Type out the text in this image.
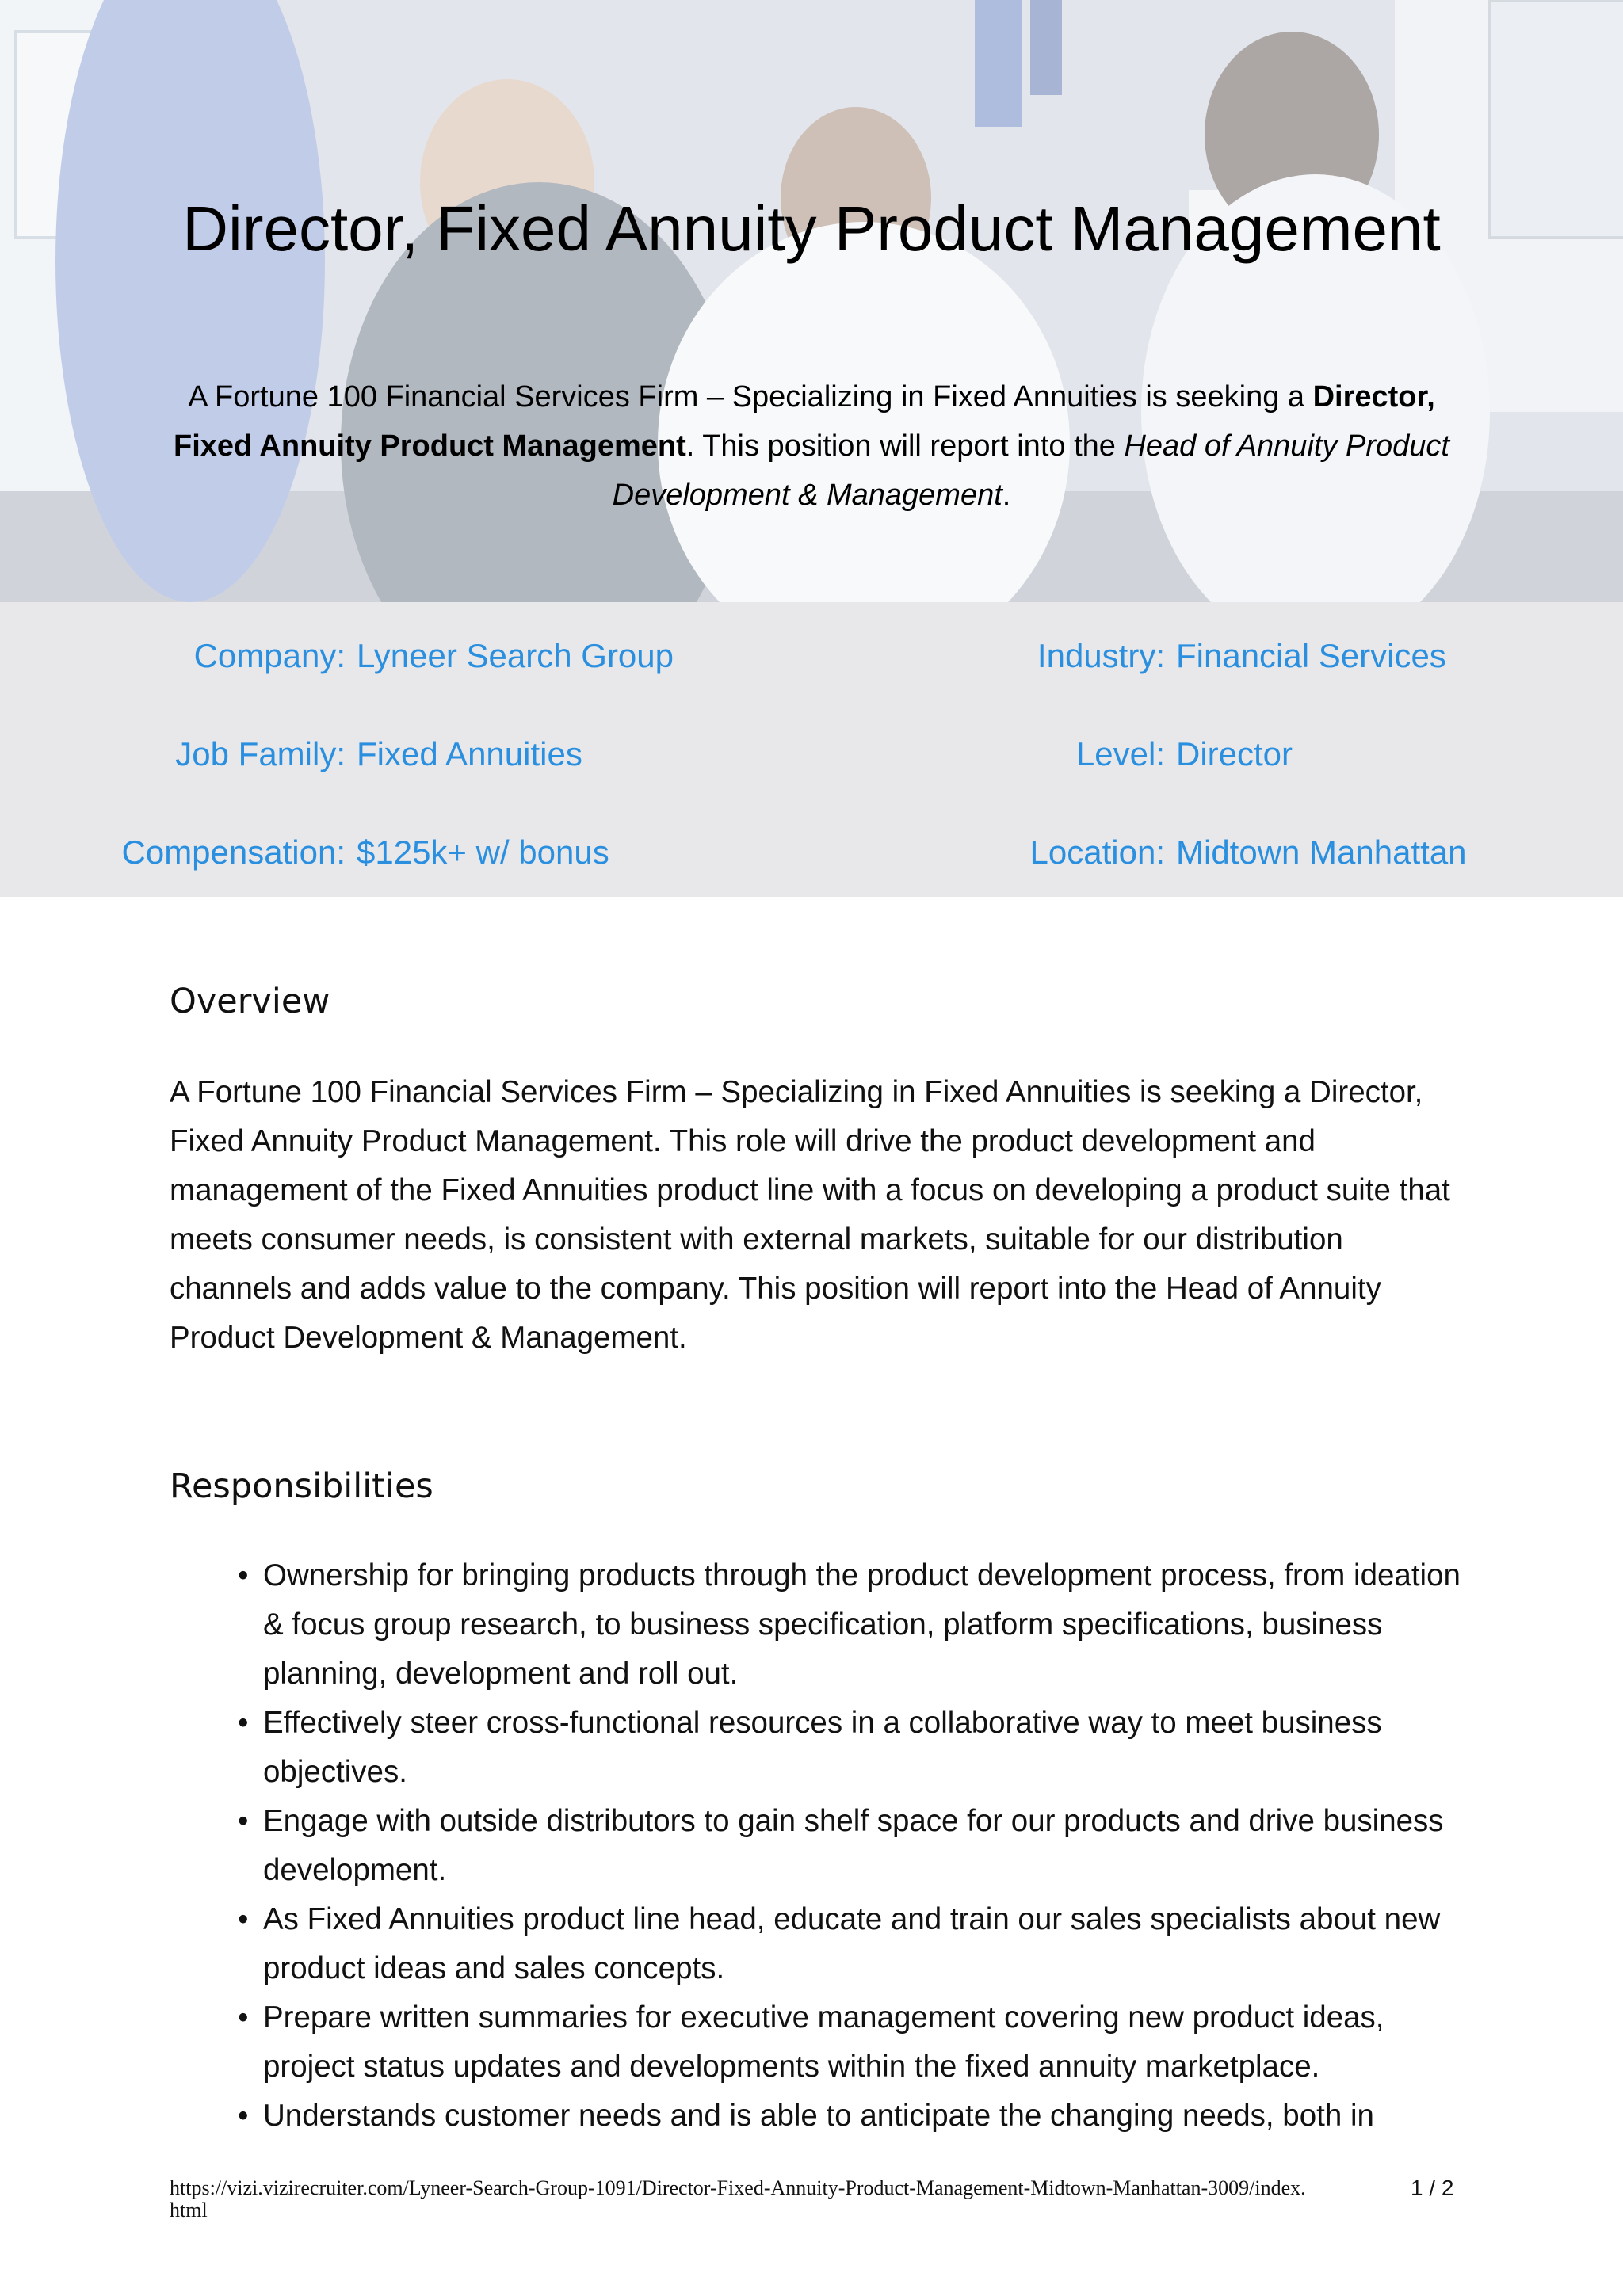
Director, Fixed Annuity Product Management

A Fortune 100 Financial Services Firm – Specializing in Fixed Annuities is seeking a Director, Fixed Annuity Product Management. This position will report into the Head of Annuity Product Development & Management.

Company: Lyneer Search Group	Industry: Financial Services
Job Family: Fixed Annuities	Level: Director
Compensation: $125k+ w/ bonus	Location: Midtown Manhattan
Overview

A Fortune 100 Financial Services Firm – Specializing in Fixed Annuities is seeking a Director, Fixed Annuity Product Management. This role will drive the product development and management of the Fixed Annuities product line with a focus on developing a product suite that meets consumer needs, is consistent with external markets, suitable for our distribution channels and adds value to the company. This position will report into the Head of Annuity Product Development & Management.

Responsibilities
• Ownership for bringing products through the product development process, from ideation & focus group research, to business specification, platform specifications, business planning, development and roll out.
• Effectively steer cross-functional resources in a collaborative way to meet business objectives.
• Engage with outside distributors to gain shelf space for our products and drive business development.
• As Fixed Annuities product line head, educate and train our sales specialists about new product ideas and sales concepts.
• Prepare written summaries for executive management covering new product ideas, project status updates and developments within the fixed annuity marketplace.
• Understands customer needs and is able to anticipate the changing needs, both in

https://vizi.vizirecruiter.com/Lyneer-Search-Group-1091/Director-Fixed-Annuity-Product-Management-Midtown-Manhattan-3009/index.html

1 / 2
